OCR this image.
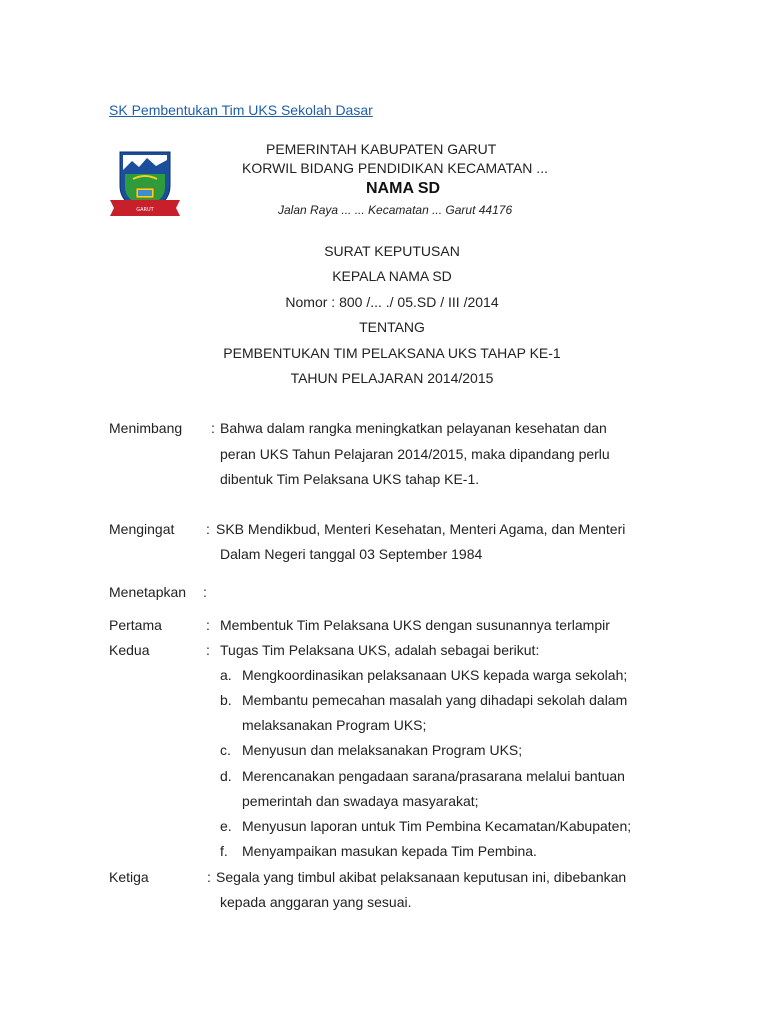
SK Pembentukan Tim UKS Sekolah Dasar
GARUT
PEMERINTAH KABUPATEN GARUT
KORWIL BIDANG PENDIDIKAN KECAMATAN ...
NAMA SD
Jalan Raya ... ... Kecamatan ... Garut 44176
SURAT KEPUTUSAN
KEPALA NAMA SD
Nomor : 800 /... ./ 05.SD / III /2014
TENTANG
PEMBENTUKAN TIM PELAKSANA UKS TAHAP KE-1
TAHUN PELAJARAN 2014/2015
Menimbang : Bahwa dalam rangka meningkatkan pelayanan kesehatan dan
peran UKS Tahun Pelajaran 2014/2015, maka dipandang perlu
dibentuk Tim Pelaksana UKS tahap KE-1.
Mengingat : SKB Mendikbud, Menteri Kesehatan, Menteri Agama, dan Menteri
Dalam Negeri tanggal 03 September 1984
Menetapkan :
Pertama	: Membentuk Tim Pelaksana UKS dengan susunannya terlampir
Kedua	: Tugas Tim Pelaksana UKS, adalah sebagai berikut:
a. Mengkoordinasikan pelaksanaan UKS kepada warga sekolah;
b. Membantu pemecahan masalah yang dihadapi sekolah dalam
melaksanakan Program UKS;
c. Menyusun dan melaksanakan Program UKS;
d. Merencanakan pengadaan sarana/prasarana melalui bantuan
pemerintah dan swadaya masyarakat;
e. Menyusun laporan untuk Tim Pembina Kecamatan/Kabupaten;
f. Menyampaikan masukan kepada Tim Pembina.
Ketiga	: Segala yang timbul akibat pelaksanaan keputusan ini, dibebankan
kepada anggaran yang sesuai.
